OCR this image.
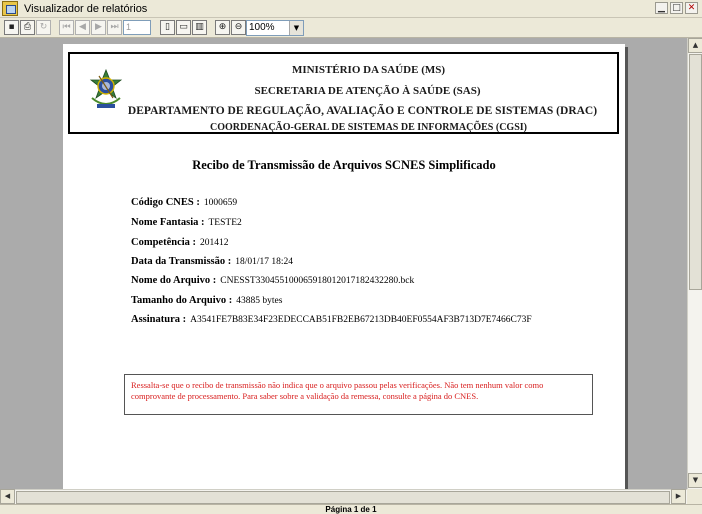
Visualizador de relatórios	▁ □ ✕
▪	⎙ ↻	⏮ ◀	▶ ⏭ 1	▯	▭ ▥	⊕ ⊖ 100%	▼
MINISTÉRIO DA SAÚDE (MS)
SECRETARIA DE ATENÇÃO À SAÚDE (SAS)
DEPARTAMENTO DE REGULAÇÃO, AVALIAÇÃO E CONTROLE DE SISTEMAS (DRAC)
COORDENAÇÃO-GERAL DE SISTEMAS DE INFORMAÇÕES (CGSI)
Recibo de Transmissão de Arquivos SCNES Simplificado
Código CNES : 1000659
Nome Fantasia : TESTE2
Competência : 201412
Data da Transmissão : 18/01/17 18:24
Nome do Arquivo : CNESST330455100065918012017182432280.bck
Tamanho do Arquivo : 43885 bytes
Assinatura : A3541FE7B83E34F23EDECCAB51FB2EB67213DB40EF0554AF3B713D7E7466C73F
Ressalta-se que o recibo de transmissão não indica que o arquivo passou pelas verificações. Não tem nenhum valor como comprovante de processamento. Para saber sobre a validação da remessa, consulte a página do CNES.
▲
▼
◀	▶
Página 1 de 1
